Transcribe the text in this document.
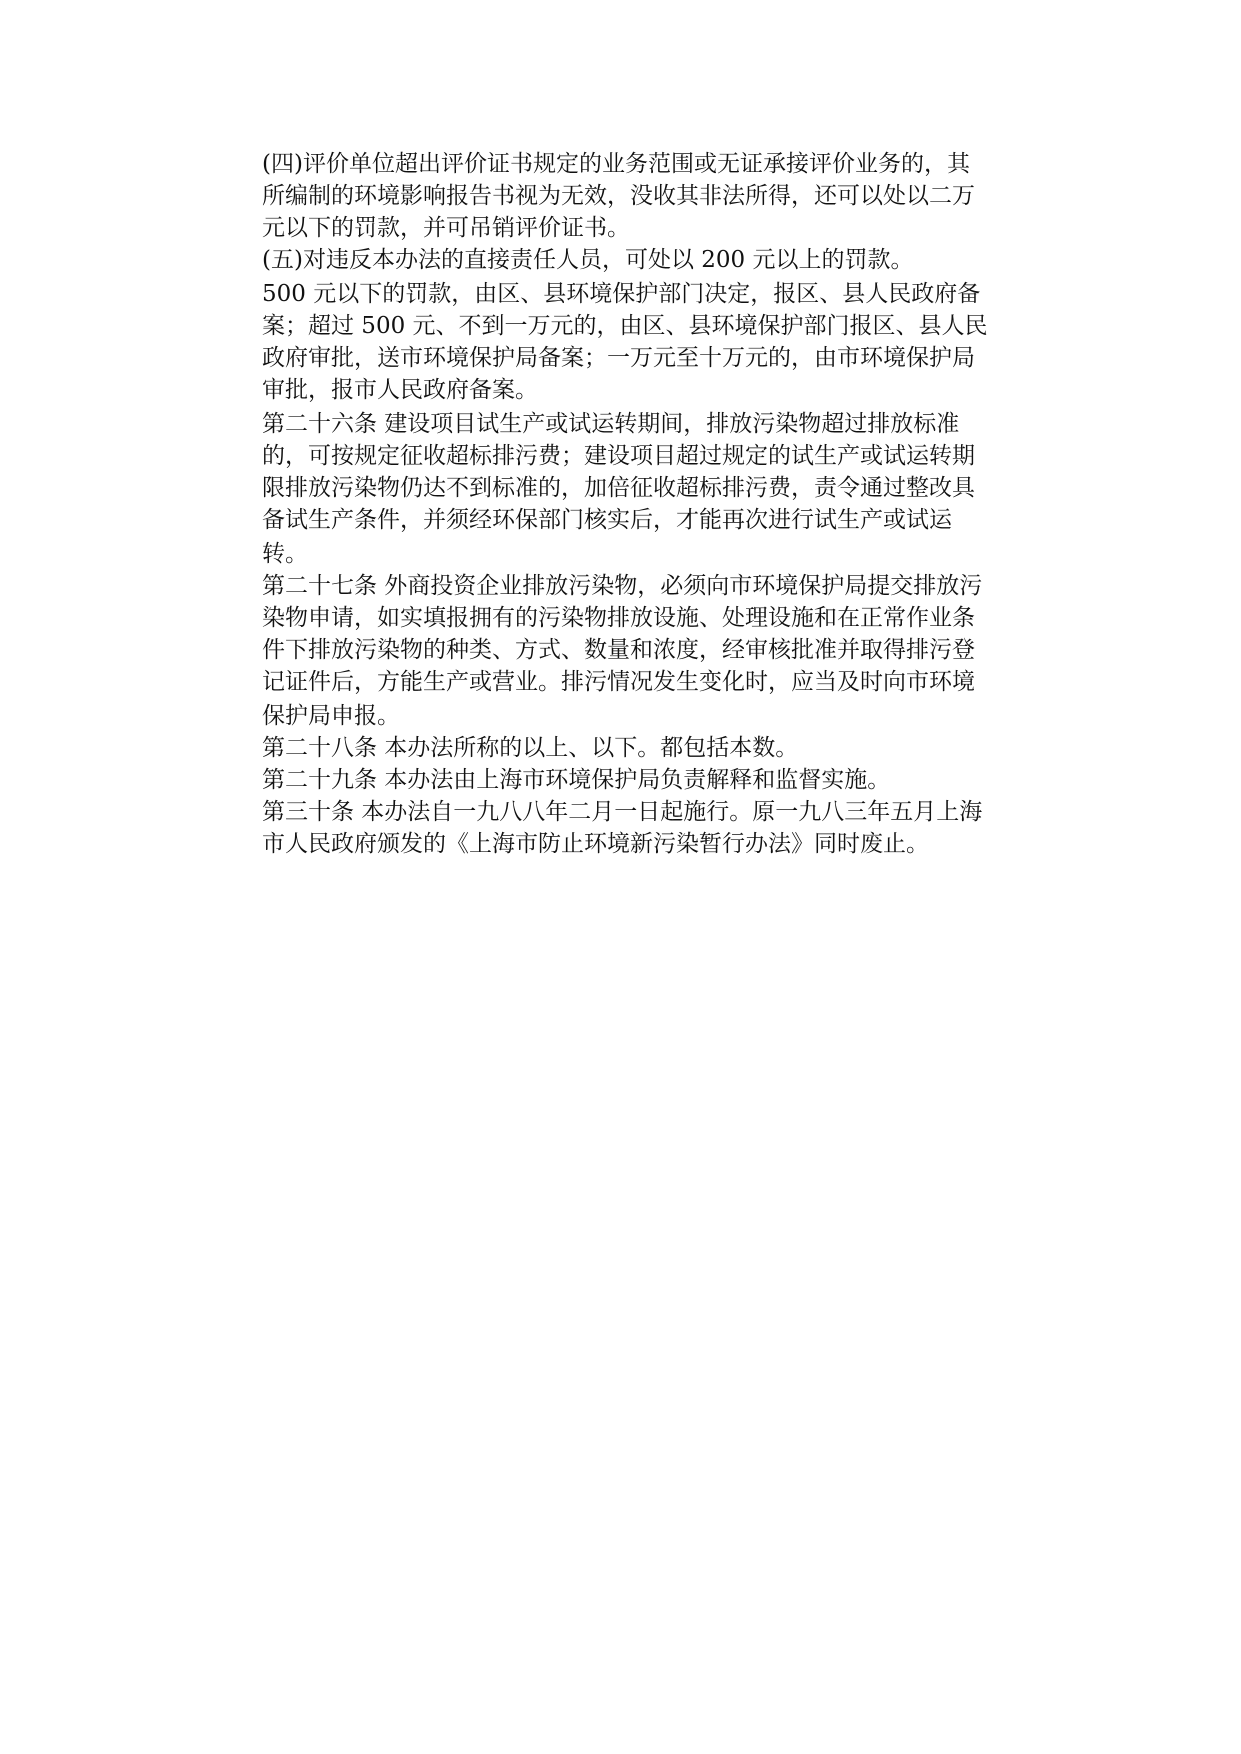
(四)评价单位超出评价证书规定的业务范围或无证承接评价业务的，其
所编制的环境影响报告书视为无效，没收其非法所得，还可以处以二万
元以下的罚款，并可吊销评价证书。
(五)对违反本办法的直接责任人员，可处以 200 元以上的罚款。
500 元以下的罚款，由区、县环境保护部门决定，报区、县人民政府备
案；超过 500 元、不到一万元的，由区、县环境保护部门报区、县人民
政府审批，送市环境保护局备案；一万元至十万元的，由市环境保护局
审批，报市人民政府备案。
第二十六条 建设项目试生产或试运转期间，排放污染物超过排放标准
的，可按规定征收超标排污费；建设项目超过规定的试生产或试运转期
限排放污染物仍达不到标准的，加倍征收超标排污费，责令通过整改具
备试生产条件，并须经环保部门核实后，才能再次进行试生产或试运
转。
第二十七条 外商投资企业排放污染物，必须向市环境保护局提交排放污
染物申请，如实填报拥有的污染物排放设施、处理设施和在正常作业条
件下排放污染物的种类、方式、数量和浓度，经审核批准并取得排污登
记证件后，方能生产或营业。排污情况发生变化时，应当及时向市环境
保护局申报。
第二十八条 本办法所称的以上、以下。都包括本数。
第二十九条 本办法由上海市环境保护局负责解释和监督实施。
第三十条 本办法自一九八八年二月一日起施行。原一九八三年五月上海
市人民政府颁发的《上海市防止环境新污染暂行办法》同时废止。
